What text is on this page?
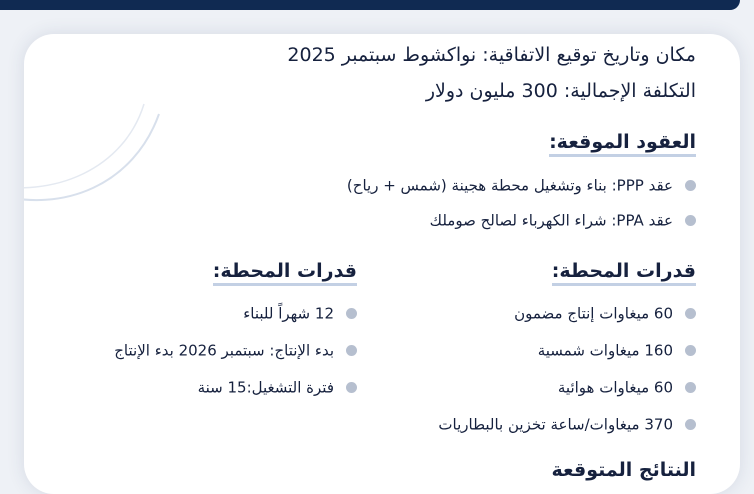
مكان وتاريخ توقيع الاتفاقية: نواكشوط سبتمبر 2025

التكلفة الإجمالية: 300 مليون دولار

العقود الموقعة:
عقد PPP: بناء وتشغيل محطة هجينة (شمس + رياح)
عقد PPA: شراء الكهرباء لصالح صوملك
قدرات المحطة:
60 ميغاوات إنتاج مضمون
160 ميغاوات شمسية
60 ميغاوات هوائية
370 ميغاوات/ساعة تخزين بالبطاريات
قدرات المحطة:
12 شهراً للبناء
بدء الإنتاج: سبتمبر 2026 بدء الإنتاج
فترة التشغيل:15 سنة
النتائج المتوقعة
